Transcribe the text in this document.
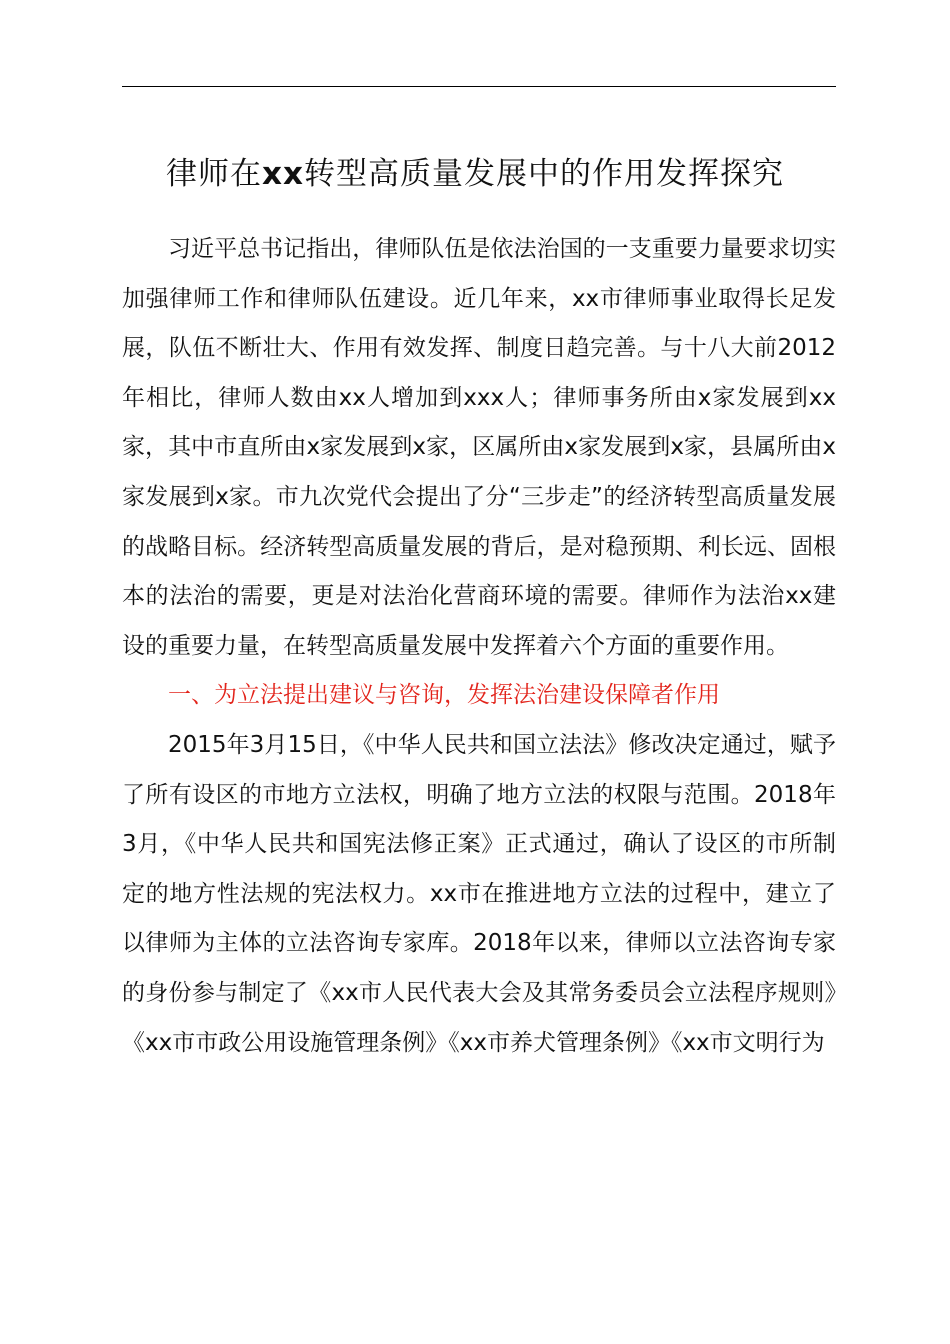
律师在xx转型高质量发展中的作用发挥探究

习近平总书记指出，律师队伍是依法治国的一支重要力量要求切实加强律师工作和律师队伍建设。近几年来，xx市律师事业取得长足发展，队伍不断壮大、作用有效发挥、制度日趋完善。与十八大前2012年相比，律师人数由xx人增加到xxx人；律师事务所由x家发展到xx家，其中市直所由x家发展到x家，区属所由x家发展到x家，县属所由x家发展到x家。市九次党代会提出了分“三步走”的经济转型高质量发展的战略目标。经济转型高质量发展的背后，是对稳预期、利长远、固根本的法治的需要，更是对法治化营商环境的需要。律师作为法治xx建设的重要力量，在转型高质量发展中发挥着六个方面的重要作用。

一、为立法提出建议与咨询，发挥法治建设保障者作用

2015年3月15日，《中华人民共和国立法法》修改决定通过，赋予了所有设区的市地方立法权，明确了地方立法的权限与范围。2018年3月，《中华人民共和国宪法修正案》正式通过，确认了设区的市所制定的地方性法规的宪法权力。xx市在推进地方立法的过程中，建立了以律师为主体的立法咨询专家库。2018年以来，律师以立法咨询专家的身份参与制定了《xx市人民代表大会及其常务委员会立法程序规则》《xx市市政公用设施管理条例》《xx市养犬管理条例》《xx市文明行为
